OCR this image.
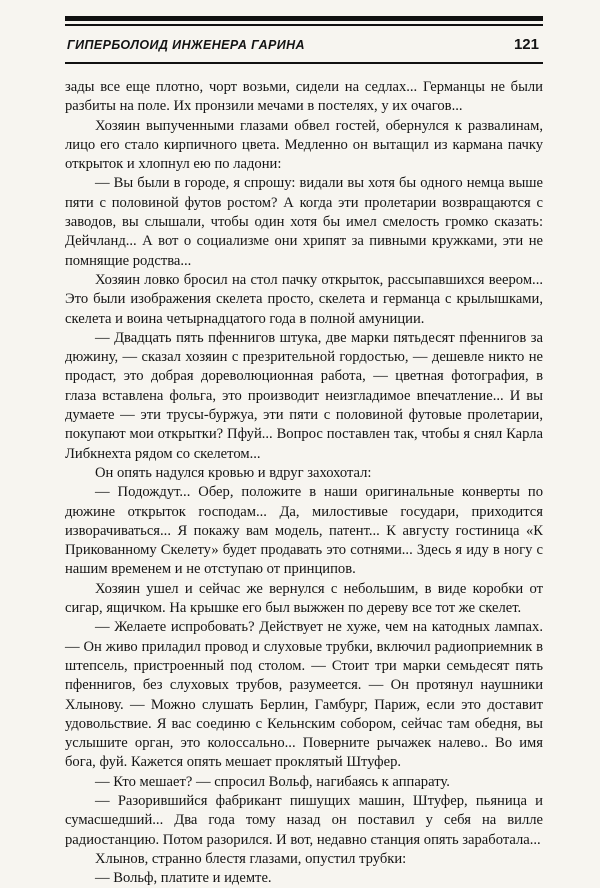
ГИПЕРБОЛОИД ИНЖЕНЕРА ГАРИНА	121

зады все еще плотно, чорт возьми, сидели на седлах... Германцы не были разбиты на поле. Их пронзили мечами в постелях, у их очагов...

Хозяин выпученными глазами обвел гостей, обернулся к развалинам, лицо его стало кирпичного цвета. Медленно он вытащил из кармана пачку открыток и хлопнул ею по ладони:

— Вы были в городе, я спрошу: видали вы хотя бы одного немца выше пяти с половиной футов ростом? А когда эти пролетарии возвращаются с заводов, вы слышали, чтобы один хотя бы имел смелость громко сказать: Дейчланд... А вот о социализме они хрипят за пивными кружками, эти не помнящие родства...

Хозяин ловко бросил на стол пачку открыток, рассыпавшихся веером... Это были изображения скелета просто, скелета и германца с крылышками, скелета и воина четырнадцатого года в полной амуниции.

— Двадцать пять пфеннигов штука, две марки пятьдесят пфеннигов за дюжину, — сказал хозяин с презрительной гордостью, — дешевле никто не продаст, это добрая дореволюционная работа, — цветная фотография, в глаза вставлена фольга, это производит неизгладимое впечатление... И вы думаете — эти трусы-буржуа, эти пяти с половиной футовые пролетарии, покупают мои открытки? Пфуй... Вопрос поставлен так, чтобы я снял Карла Либкнехта рядом со скелетом...

Он опять надулся кровью и вдруг захохотал:

— Подождут... Обер, положите в наши оригинальные конверты по дюжине открыток господам... Да, милостивые государи, приходится изворачиваться... Я покажу вам модель, патент... К августу гостиница «К Прикованному Скелету» будет продавать это сотнями... Здесь я иду в ногу с нашим временем и не отступаю от принципов.

Хозяин ушел и сейчас же вернулся с небольшим, в виде коробки от сигар, ящичком. На крышке его был выжжен по дереву все тот же скелет.

— Желаете испробовать? Действует не хуже, чем на катодных лампах. — Он живо приладил провод и слуховые трубки, включил радиоприемник в штепсель, пристроенный под столом. — Стоит три марки семьдесят пять пфеннигов, без слуховых трубов, разумеется. — Он протянул наушники Хлынову. — Можно слушать Берлин, Гамбург, Париж, если это доставит удовольствие. Я вас соединю с Кельнским собором, сейчас там обедня, вы услышите орган, это колоссально... Поверните рычажек налево.. Во имя бога, фуй. Кажется опять мешает проклятый Штуфер.

— Кто мешает? — спросил Вольф, нагибаясь к аппарату.

— Разорившийся фабрикант пишущих машин, Штуфер, пьяница и сумасшедший... Два года тому назад он поставил у себя на вилле радиостанцию. Потом разорился. И вот, недавно станция опять заработала...

Хлынов, странно блестя глазами, опустил трубки:

— Вольф, платите и идемте.
